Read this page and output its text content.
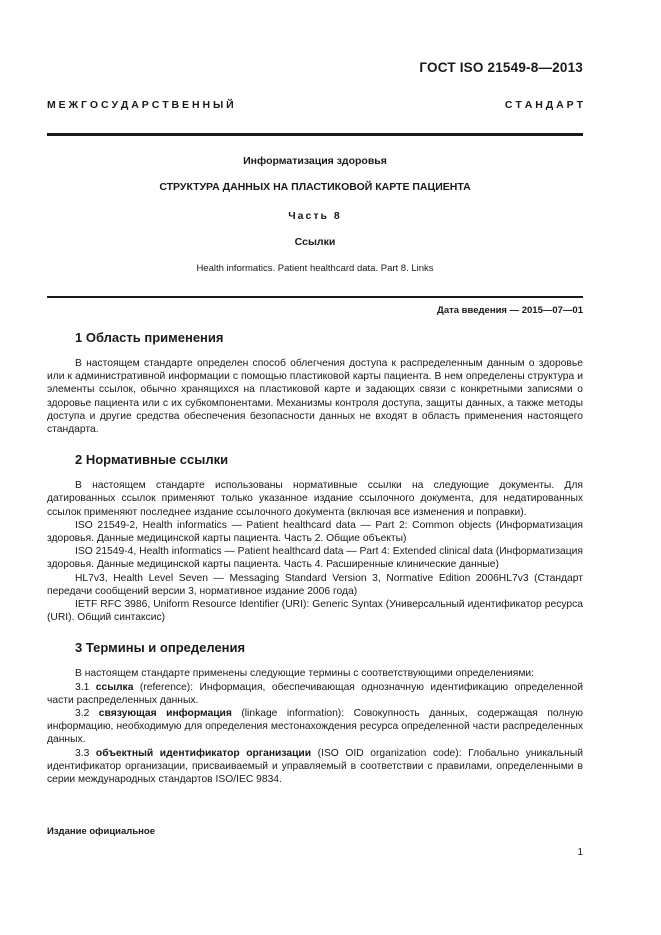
ГОСТ ISO 21549-8—2013
М Е Ж Г О С У Д А Р С Т В Е Н Н Ы Й	С Т А Н Д А Р Т
Информатизация здоровья
СТРУКТУРА ДАННЫХ НА ПЛАСТИКОВОЙ КАРТЕ ПАЦИЕНТА
Часть 8
Ссылки
Health informatics. Patient healthcard data. Part 8. Links
Дата введения — 2015—07—01
1 Область применения

В настоящем стандарте определен способ облегчения доступа к распределенным данным о здоровье или к административной информации с помощью пластиковой карты пациента. В нем определены структура и элементы ссылок, обычно хранящихся на пластиковой карте и задающих связи с конкретными записями о здоровье пациента или с их субкомпонентами. Механизмы контроля доступа, защиты данных, а также методы доступа и другие средства обеспечения безопасности данных не входят в область применения настоящего стандарта.

2 Нормативные ссылки

В настоящем стандарте использованы нормативные ссылки на следующие документы. Для датированных ссылок применяют только указанное издание ссылочного документа, для недатированных ссылок применяют последнее издание ссылочного документа (включая все изменения и поправки).

ISO 21549-2, Health informatics — Patient healthcard data — Part 2: Common objects (Информатизация здоровья. Данные медицинской карты пациента. Часть 2. Общие объекты)

ISO 21549-4, Health informatics — Patient healthcard data — Part 4: Extended clinical data (Информатизация здоровья. Данные медицинской карты пациента. Часть 4. Расширенные клинические данные)

HL7v3, Health Level Seven — Messaging Standard Version 3, Normative Edition 2006HL7v3 (Стандарт передачи сообщений версии 3, нормативное издание 2006 года)

IETF RFC 3986, Uniform Resource Identifier (URI): Generic Syntax (Универсальный идентификатор ресурса (URI). Общий синтаксис)

3 Термины и определения

В настоящем стандарте применены следующие термины с соответствующими определениями:

3.1 ссылка (reference): Информация, обеспечивающая однозначную идентификацию определенной части распределенных данных.

3.2 связующая информация (linkage information): Совокупность данных, содержащая полную информацию, необходимую для определения местонахождения ресурса определенной части распределенных данных.

3.3 объектный идентификатор организации (ISO OID organization code): Глобально уникальный идентификатор организации, присваиваемый и управляемый в соответствии с правилами, определенными в серии международных стандартов ISO/IEC 9834.

Издание официальное
1
